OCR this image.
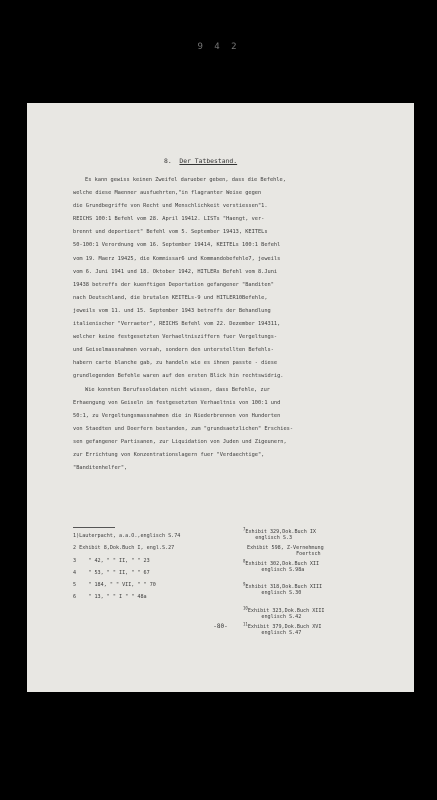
9 4 2
8. Der Tatbestand.
Es kann gewiss keinen Zweifel darueber geben, dass die Befehle,
welche diese Maenner ausfuehrten,"in flagranter Weise gegen
die Grundbegriffe von Recht und Menschlichkeit verstiessen"1.
REICHS 100:1 Befehl vom 28. April 19412. LISTs "Haengt, ver-
brennt und deportiert" Befehl vom 5. September 19413, KEITELs
50-100:1 Verordnung vom 16. September 19414, KEITELs 100:1 Befehl
vom 19. Maerz 19425, die Kommissar6 und Kommandobefehle7, jeweils
vom 6. Juni 1941 und 18. Oktober 1942, HITLERs Befehl vom 8.Juni
19438 betreffs der kuenftigen Deportation gefangener "Banditen"
nach Deutschland, die brutalen KEITELs-9 und HITLER10Befehle,
jeweils vom 11. und 15. September 1943 betreffs der Behandlung
italienischer "Verraeter", REICHS Befehl vom 22. Dezember 194311,
welcher keine festgesetzten Verhaeltnisziffern fuer Vergeltungs-
und Geiselmassnahmen vorsah, sondern den unterstellten Befehls-
habern carte blanche gab, zu handeln wie es ihnen passte - diese
grundlegenden Befehle waren auf den ersten Blick hin rechtswidrig.
Wie konnten Berufssoldaten nicht wissen, dass Befehle, zur
Erhaengung von Geiseln im festgesetzten Verhaeltnis von 100:1 und
50:1, zu Vergeltungsmassnahmen die in Niederbrennen von Hunderten
von Staedten und Doerfern bestanden, zum "grundsaetzlichen" Erschies-
sen gefangener Partisanen, zur Liquidation von Juden und Zigeunern,
zur Errichtung von Konzentrationslagern fuer "Verdaechtige",
"Banditenhelfer",
1)Lauterpacht, a.a.O.,englisch S.74
2 Exhibit 8,Dok.Buch I, engl.S.27
3 " 42, " " II, " " 23
4 " 53, " " II, " " 67
5 " 184, " " VII, " " 70
6 " 13, " " I " " 48a
$^7$Exhibit 329,Dok.Buch IX
englisch S.3
Exhibit 598, Z-Vernehmung
Foertsch
$^8$Exhibit 302,Dok.Buch XII
englisch S.98a
$^9$Exhibit 318,Dok.Buch XIII
englisch S.30
$^{10}$Exhibit 323,Dok.Buch XIII
englisch S.42
$^{11}$Exhibit 379,Dok.Buch XVI
englisch S.47
-80-
